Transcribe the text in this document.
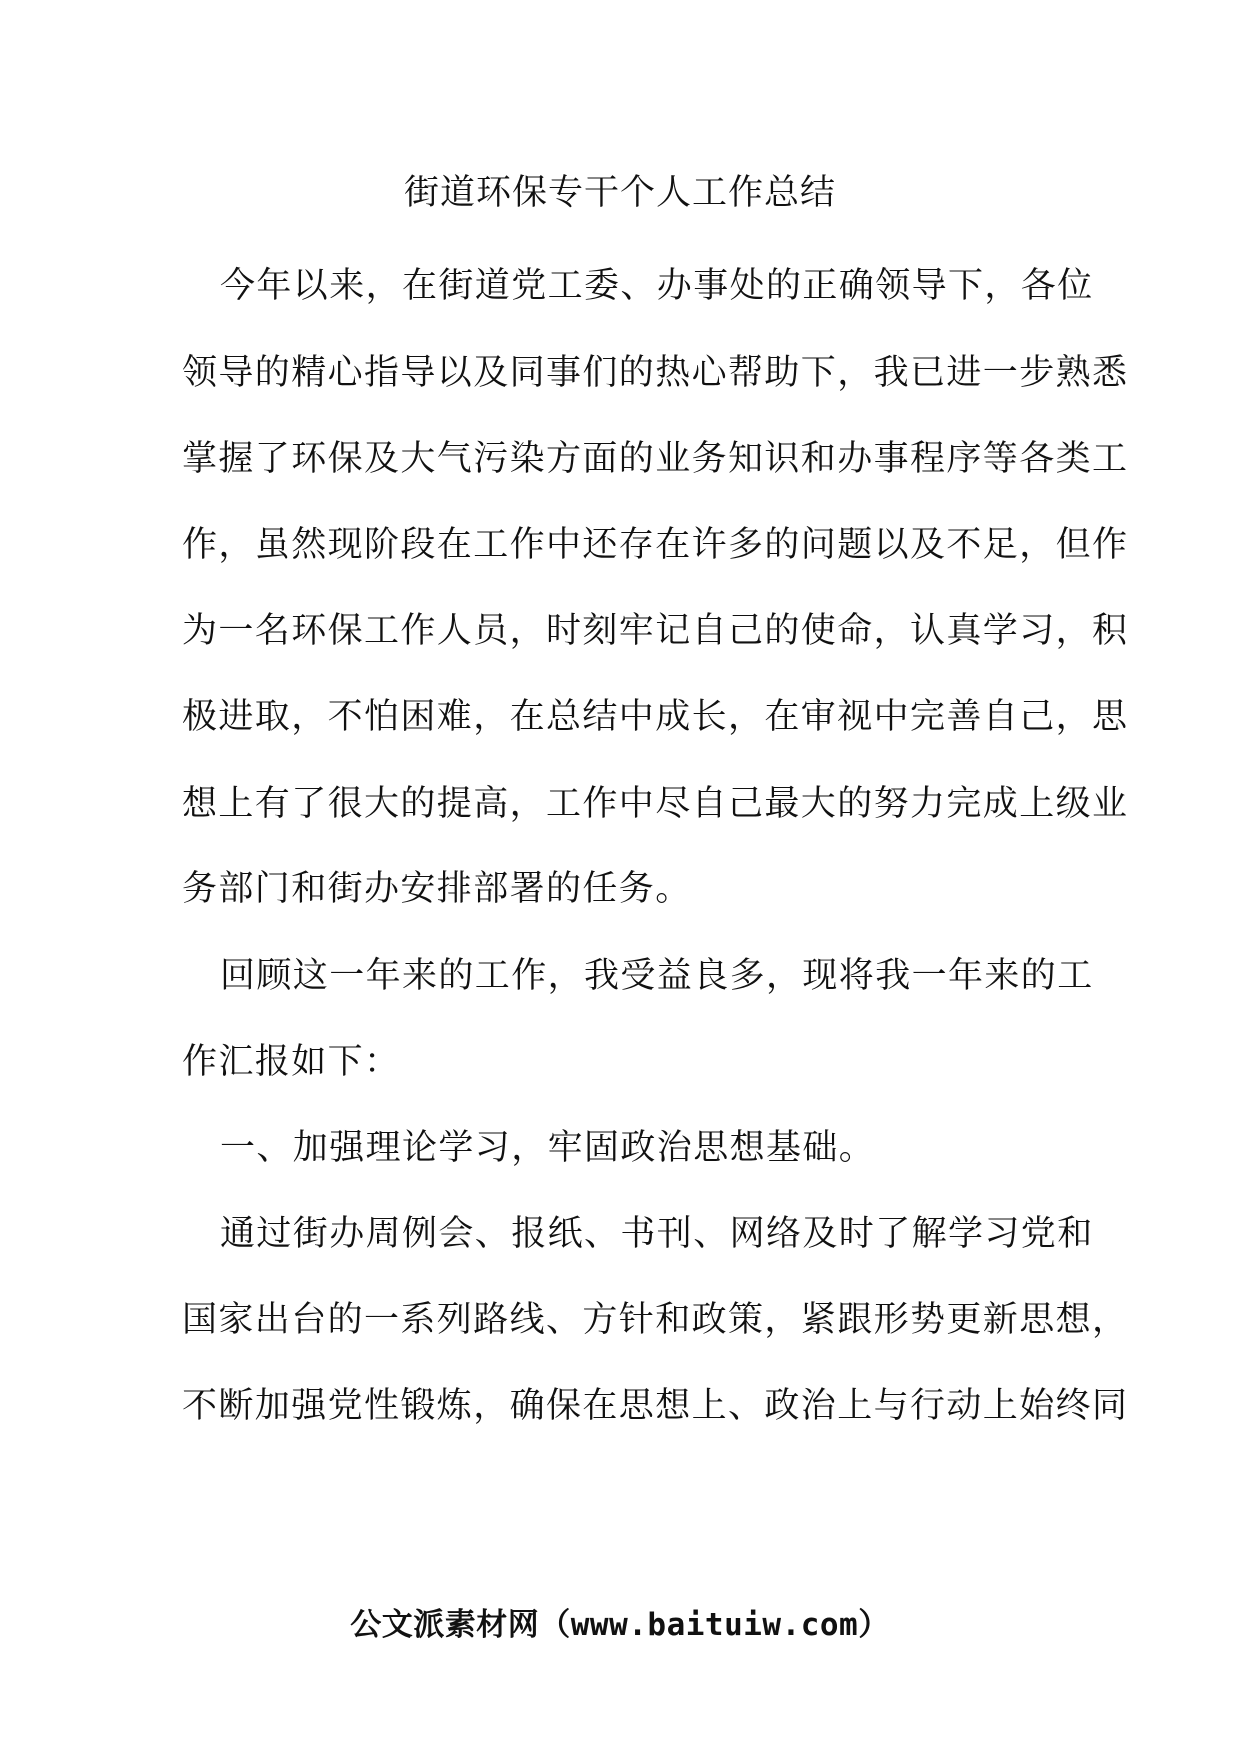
街道环保专干个人工作总结
今年以来，在街道党工委、办事处的正确领导下，各位
领导的精心指导以及同事们的热心帮助下，我已进一步熟悉
掌握了环保及大气污染方面的业务知识和办事程序等各类工
作，虽然现阶段在工作中还存在许多的问题以及不足，但作
为一名环保工作人员，时刻牢记自己的使命，认真学习，积
极进取，不怕困难，在总结中成长，在审视中完善自己，思
想上有了很大的提高，工作中尽自己最大的努力完成上级业
务部门和街办安排部署的任务。
回顾这一年来的工作，我受益良多，现将我一年来的工
作汇报如下：
一、加强理论学习，牢固政治思想基础。
通过街办周例会、报纸、书刊、网络及时了解学习党和
国家出台的一系列路线、方针和政策，紧跟形势更新思想，
不断加强党性锻炼，确保在思想上、政治上与行动上始终同
公文派素材网（www.baituiw.com）
